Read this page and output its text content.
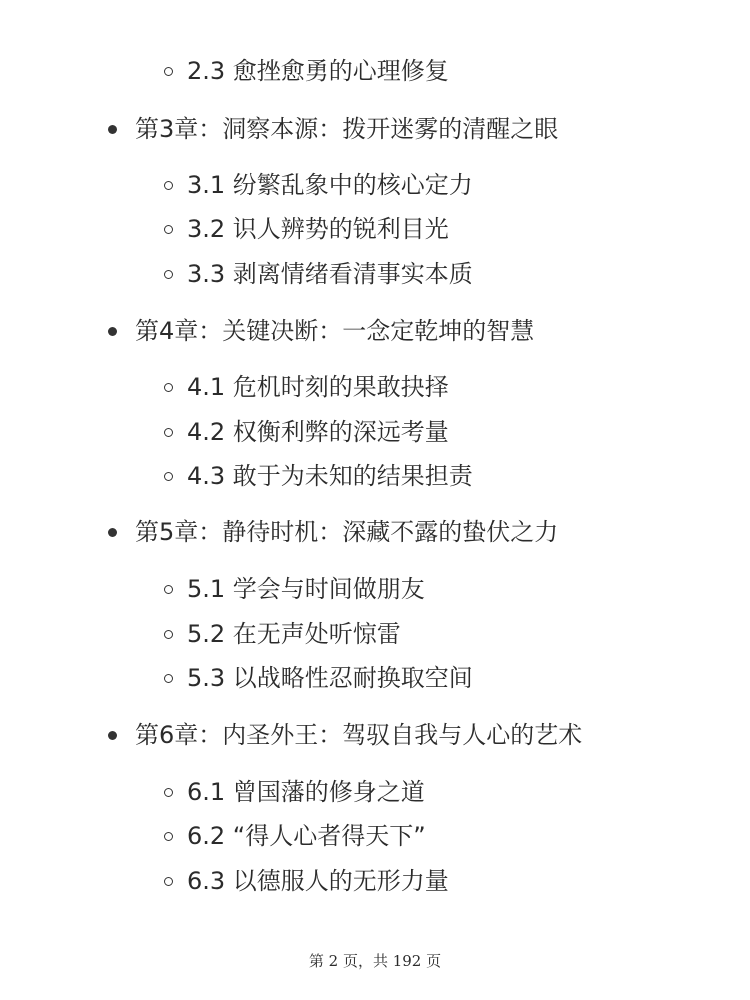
2.3 愈挫愈勇的心理修复
第3章：洞察本源：拨开迷雾的清醒之眼
3.1 纷繁乱象中的核心定力
3.2 识人辨势的锐利目光
3.3 剥离情绪看清事实本质
第4章：关键决断：一念定乾坤的智慧
4.1 危机时刻的果敢抉择
4.2 权衡利弊的深远考量
4.3 敢于为未知的结果担责
第5章：静待时机：深藏不露的蛰伏之力
5.1 学会与时间做朋友
5.2 在无声处听惊雷
5.3 以战略性忍耐换取空间
第6章：内圣外王：驾驭自我与人心的艺术
6.1 曾国藩的修身之道
6.2 “得人心者得天下”
6.3 以德服人的无形力量
第 2 页，共 192 页
